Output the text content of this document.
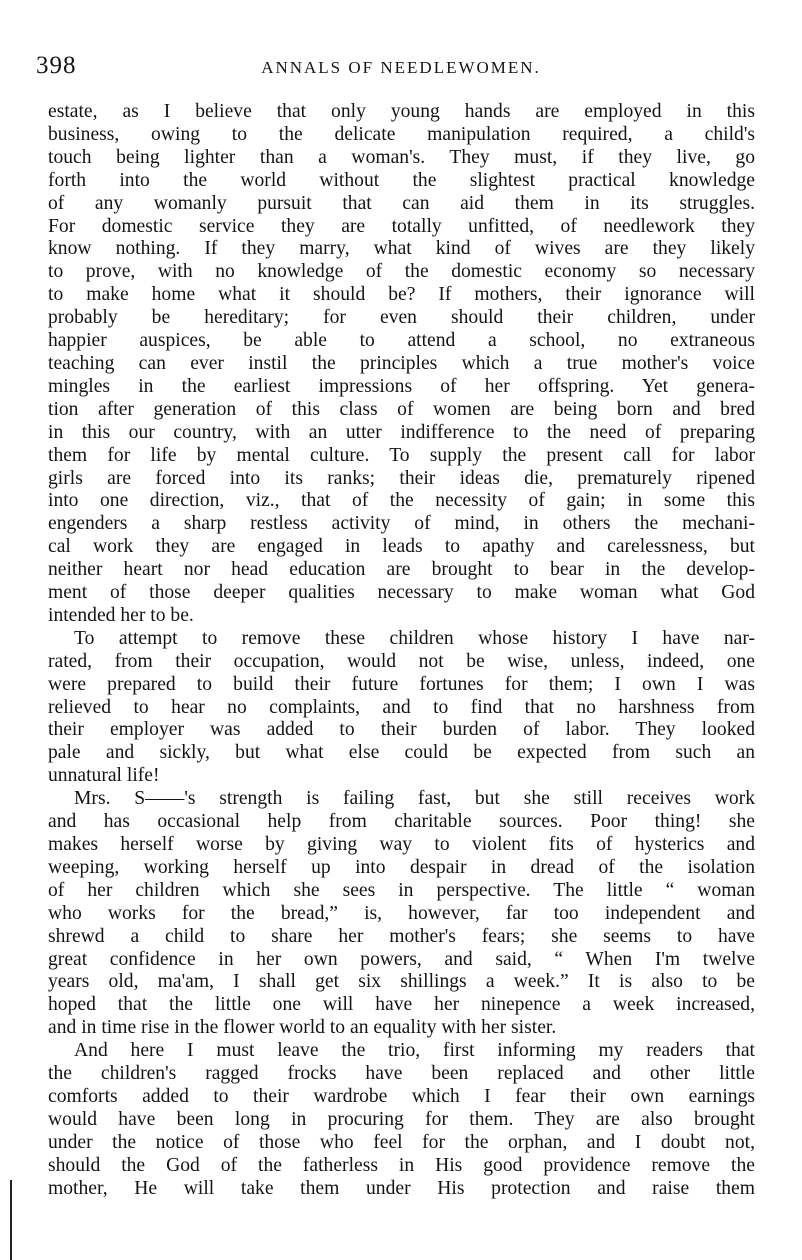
398	ANNALS OF NEEDLEWOMEN.
estate, as I believe that only young hands are employed in this
business, owing to the delicate manipulation required, a child's
touch being lighter than a woman's. They must, if they live, go
forth into the world without the slightest practical knowledge
of any womanly pursuit that can aid them in its struggles.
For domestic service they are totally unfitted, of needlework they
know nothing. If they marry, what kind of wives are they likely
to prove, with no knowledge of the domestic economy so necessary
to make home what it should be? If mothers, their ignorance will
probably be hereditary; for even should their children, under
happier auspices, be able to attend a school, no extraneous
teaching can ever instil the principles which a true mother's voice
mingles in the earliest impressions of her offspring. Yet genera-
tion after generation of this class of women are being born and bred
in this our country, with an utter indifference to the need of preparing
them for life by mental culture. To supply the present call for labor
girls are forced into its ranks; their ideas die, prematurely ripened
into one direction, viz., that of the necessity of gain; in some this
engenders a sharp restless activity of mind, in others the mechani-
cal work they are engaged in leads to apathy and carelessness, but
neither heart nor head education are brought to bear in the develop-
ment of those deeper qualities necessary to make woman what God
intended her to be.
To attempt to remove these children whose history I have nar-
rated, from their occupation, would not be wise, unless, indeed, one
were prepared to build their future fortunes for them; I own I was
relieved to hear no complaints, and to find that no harshness from
their employer was added to their burden of labor. They looked
pale and sickly, but what else could be expected from such an
unnatural life!
Mrs. S——'s strength is failing fast, but she still receives work
and has occasional help from charitable sources. Poor thing! she
makes herself worse by giving way to violent fits of hysterics and
weeping, working herself up into despair in dread of the isolation
of her children which she sees in perspective. The little “ woman
who works for the bread,” is, however, far too independent and
shrewd a child to share her mother's fears; she seems to have
great confidence in her own powers, and said, “ When I'm twelve
years old, ma'am, I shall get six shillings a week.” It is also to be
hoped that the little one will have her ninepence a week increased,
and in time rise in the flower world to an equality with her sister.
And here I must leave the trio, first informing my readers that
the children's ragged frocks have been replaced and other little
comforts added to their wardrobe which I fear their own earnings
would have been long in procuring for them. They are also brought
under the notice of those who feel for the orphan, and I doubt not,
should the God of the fatherless in His good providence remove the
mother, He will take them under His protection and raise them
